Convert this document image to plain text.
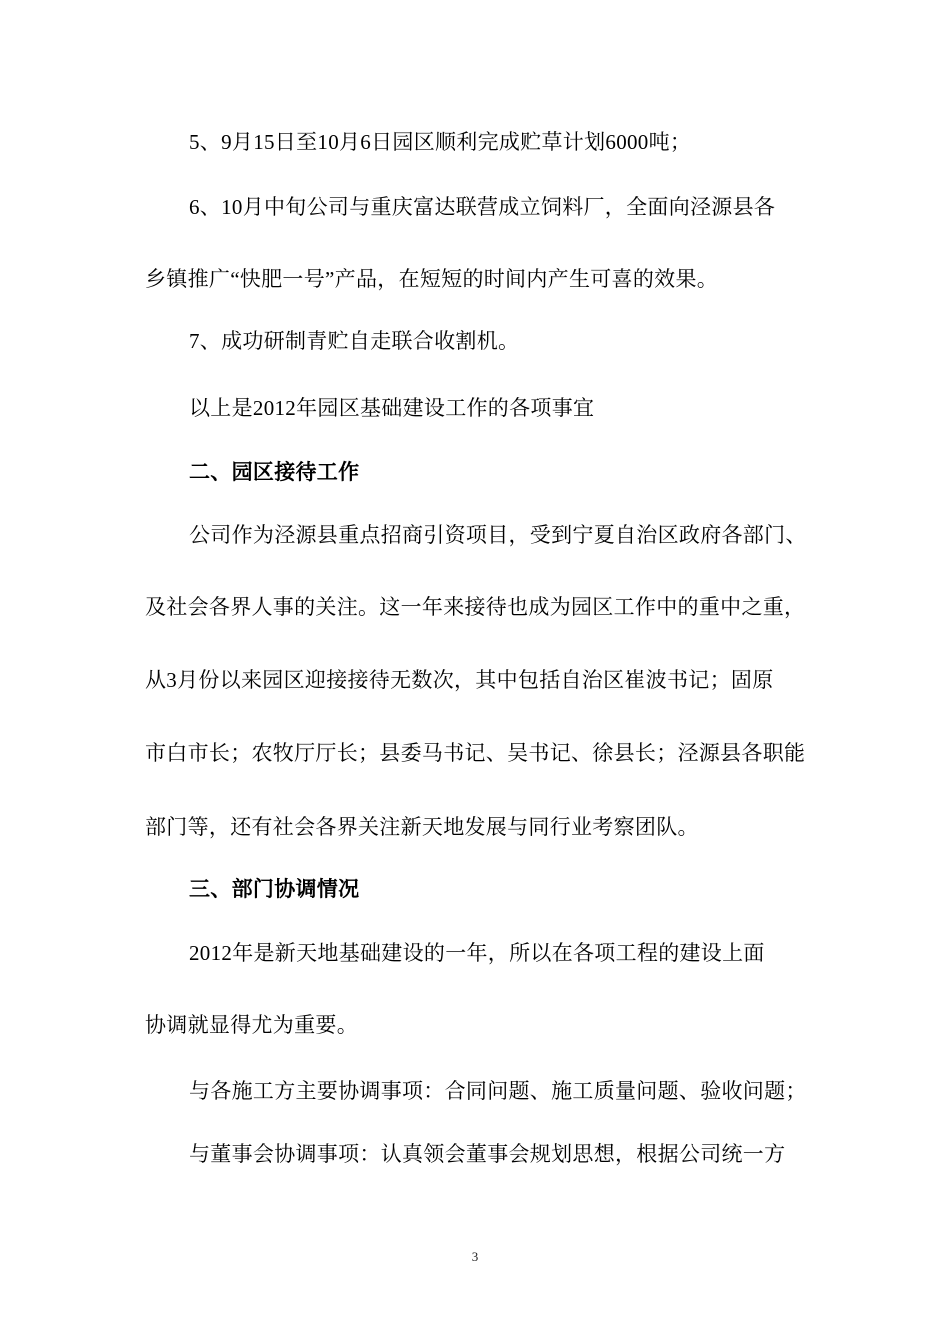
5、9月15日至10月6日园区顺利完成贮草计划6000吨；
6、10月中旬公司与重庆富达联营成立饲料厂，全面向泾源县各
乡镇推广“快肥一号”产品，在短短的时间内产生可喜的效果。
7、成功研制青贮自走联合收割机。
以上是2012年园区基础建设工作的各项事宜
二、园区接待工作
公司作为泾源县重点招商引资项目，受到宁夏自治区政府各部门、
及社会各界人事的关注。这一年来接待也成为园区工作中的重中之重，
从3月份以来园区迎接接待无数次，其中包括自治区崔波书记；固原
市白市长；农牧厅厅长；县委马书记、吴书记、徐县长；泾源县各职能
部门等，还有社会各界关注新天地发展与同行业考察团队。
三、部门协调情况
2012年是新天地基础建设的一年，所以在各项工程的建设上面
协调就显得尤为重要。
与各施工方主要协调事项：合同问题、施工质量问题、验收问题；
与董事会协调事项：认真领会董事会规划思想，根据公司统一方
3
